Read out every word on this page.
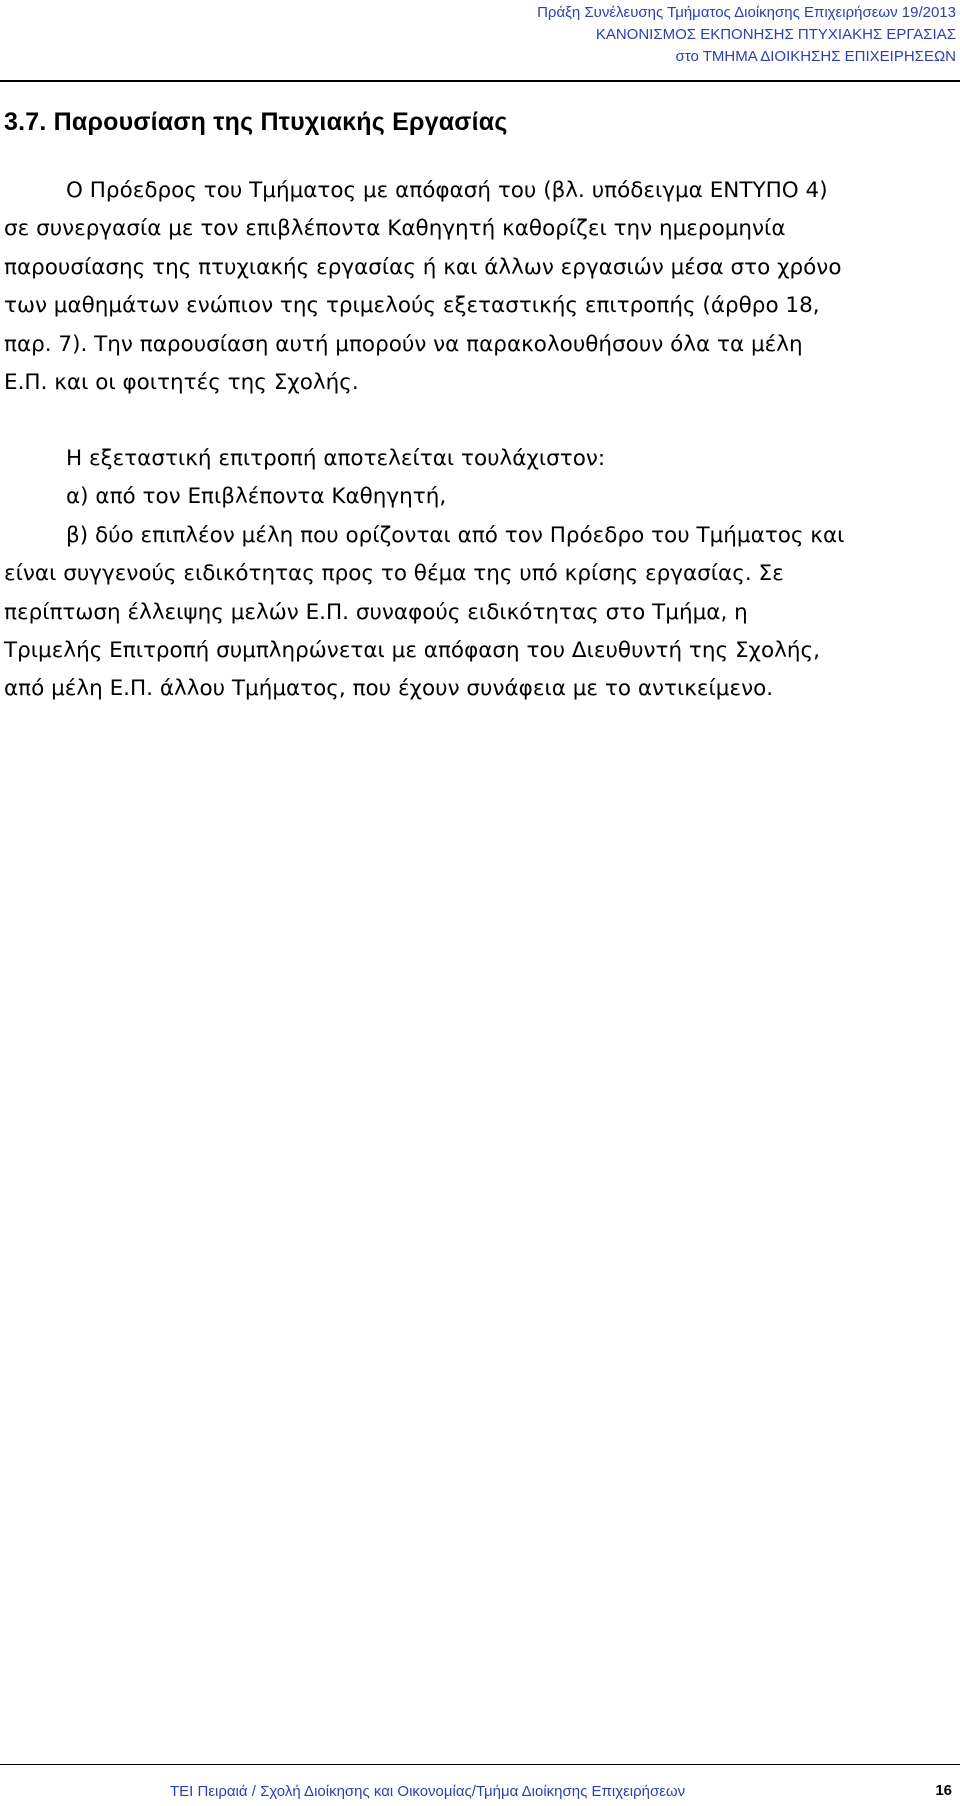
Πράξη Συνέλευσης Τμήματος Διοίκησης Επιχειρήσεων 19/2013
ΚΑΝΟΝΙΣΜΟΣ ΕΚΠΟΝΗΣΗΣ ΠΤΥΧΙΑΚΗΣ ΕΡΓΑΣΙΑΣ
στο ΤΜΗΜΑ ΔΙΟΙΚΗΣΗΣ ΕΠΙΧΕΙΡΗΣΕΩΝ
3.7. Παρουσίαση της Πτυχιακής Εργασίας
Ο Πρόεδρος του Τμήματος με απόφασή του (βλ. υπόδειγμα ΕΝΤΥΠΟ 4)
σε συνεργασία με τον επιβλέποντα Καθηγητή καθορίζει την ημερομηνία
παρουσίασης της πτυχιακής εργασίας ή και άλλων εργασιών μέσα στο χρόνο
των μαθημάτων ενώπιον της τριμελούς εξεταστικής επιτροπής (άρθρο 18,
παρ. 7). Την παρουσίαση αυτή μπορούν να παρακολουθήσουν όλα τα μέλη
Ε.Π. και οι φοιτητές της Σχολής.
Η εξεταστική επιτροπή αποτελείται τουλάχιστον:
α) από τον Επιβλέποντα Καθηγητή,
β) δύο επιπλέον μέλη που ορίζονται από τον Πρόεδρο του Τμήματος και
είναι συγγενούς ειδικότητας προς το θέμα της υπό κρίσης εργασίας. Σε
περίπτωση έλλειψης μελών Ε.Π. συναφούς ειδικότητας στο Τμήμα, η
Τριμελής Επιτροπή συμπληρώνεται με απόφαση του Διευθυντή της Σχολής,
από μέλη Ε.Π. άλλου Τμήματος, που έχουν συνάφεια με το αντικείμενο.
ΤΕΙ Πειραιά / Σχολή Διοίκησης και Οικονομίας/Τμήμα Διοίκησης Επιχειρήσεων	16
